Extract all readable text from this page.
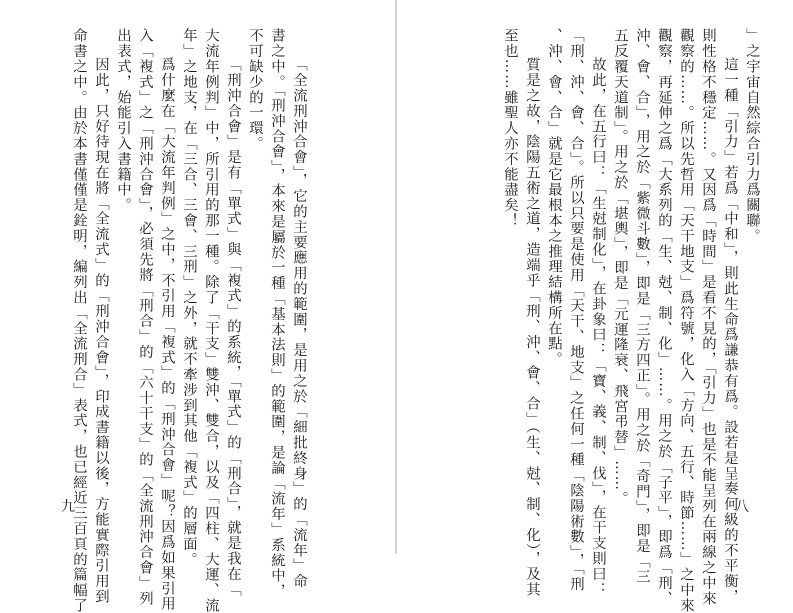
「全流刑沖合會」，它的主要應用的範圍，是用之於「細批終身」的「流年」命
書之中。「刑沖合會」，本來是屬於一種「基本法則」的範圍，是論「流年」系統中，
不可缺少的一環。
「刑沖合會」是有「單式」與「複式」的系統，「單式」的「刑合」，就是我在「
大流年例判」中，所引用的那一種。除了「干支」雙沖、雙合，以及「四柱、大運、流
年」之地支，在「三合、三會、三刑」之外，就不牽涉到其他「複式」的層面。
爲什麼在「大流年判例」之中，不引用「複式」的「刑沖合會」呢？因爲如果引用
入「複式」之「刑沖合會」，必須先將「刑合」的「六十干支」的「全流刑沖合會」列
出表式，始能引入書籍中。
因此，只好待現在將「全流式」的「刑沖合會」，印成書籍以後，方能實際引用到
命書之中。由於本書僅僅是銓明，編列出「全流刑合」表式，也已經近三百頁的篇幅了
九
」之宇宙自然綜合引力爲關聯。
這一種「引力」若爲「中和」，則此生命爲謙恭有爲。設若是呈奏何級的不平衡，
則性格不穩定……。又因爲「時間」是看不見的，「引力」也是不能呈列在兩線之中來
觀察的……。所以先哲用「天干地支」爲符號，化入「方向、五行、時節……」之中來
觀察，再延伸之爲「大系列的「生、尅、制、化」……。用之於「子平」，即爲「刑、
沖、會、合」，用之於「紫微斗數」，即是「三方四正」。用之於「奇門」，即是「三
五反覆天道制」。用之於「堪輿」，即是「元運隆衰、飛宮弔替」……。
故此，在五行曰：「生尅制化」，在卦象曰：「寶、義、制、伐」，在干支則曰：
「刑、沖、會、合」。所以只要是使用「天干、地支」之任何一種「陰陽術數」，「刑
、沖、會、合」就是它最根本之推理結構所在點。
質是之故，陰陽五術之道，造端乎「刑、沖、會、合」（生、尅、制、化），及其
至也……雖聖人亦不能盡矣！
八
